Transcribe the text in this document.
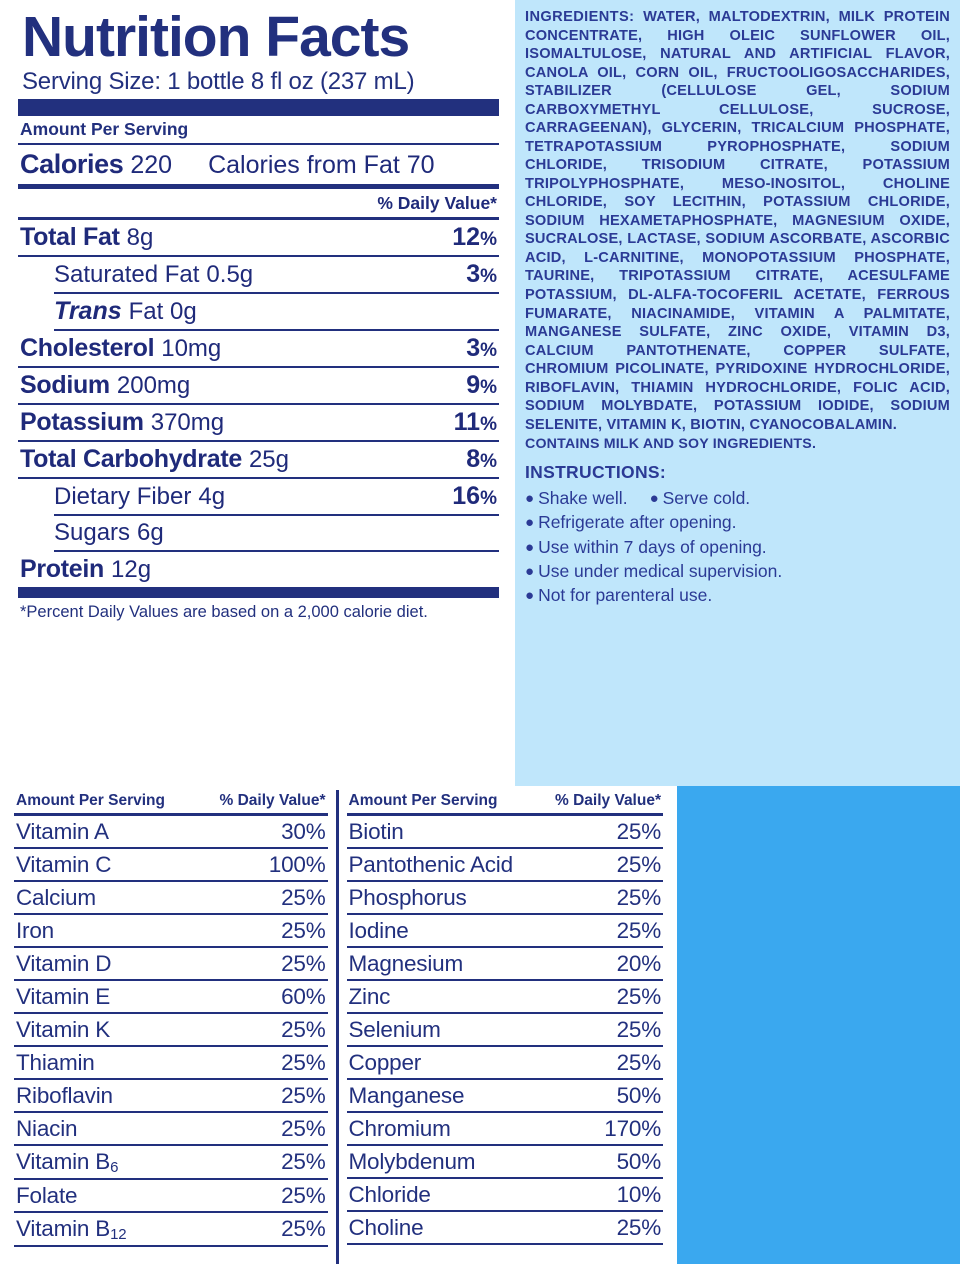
Nutrition Facts
Serving Size: 1 bottle 8 fl oz (237 mL)
Amount Per Serving
Calories 220 Calories from Fat 70
% Daily Value*
Total Fat 8g	12%
Saturated Fat 0.5g	3%
Trans Fat 0g
Cholesterol 10mg	3%
Sodium 200mg	9%
Potassium 370mg	11%
Total Carbohydrate 25g	8%
Dietary Fiber 4g	16%
Sugars 6g
Protein 12g
*Percent Daily Values are based on a 2,000 calorie diet.
INGREDIENTS: WATER, MALTODEXTRIN, MILK PROTEIN CONCENTRATE, HIGH OLEIC SUNFLOWER OIL, ISOMALTULOSE, NATURAL AND ARTIFICIAL FLAVOR, CANOLA OIL, CORN OIL, FRUCTOOLIGOSACCHARIDES, STABILIZER (CELLULOSE GEL, SODIUM CARBOXYMETHYL CELLULOSE, SUCROSE, CARRAGEENAN), GLYCERIN, TRICALCIUM PHOSPHATE, TETRAPOTASSIUM PYROPHOSPHATE, SODIUM CHLORIDE, TRISODIUM CITRATE, POTASSIUM TRIPOLYPHOSPHATE, MESO-INOSITOL, CHOLINE CHLORIDE, SOY LECITHIN, POTASSIUM CHLORIDE, SODIUM HEXAMETAPHOSPHATE, MAGNESIUM OXIDE, SUCRALOSE, LACTASE, SODIUM ASCORBATE, ASCORBIC ACID, L-CARNITINE, MONOPOTASSIUM PHOSPHATE, TAURINE, TRIPOTASSIUM CITRATE, ACESULFAME POTASSIUM, DL-ALFA-TOCOFERIL ACETATE, FERROUS FUMARATE, NIACINAMIDE, VITAMIN A PALMITATE, MANGANESE SULFATE, ZINC OXIDE, VITAMIN D3, CALCIUM PANTOTHENATE, COPPER SULFATE, CHROMIUM PICOLINATE, PYRIDOXINE HYDROCHLORIDE, RIBOFLAVIN, THIAMIN HYDROCHLORIDE, FOLIC ACID, SODIUM MOLYBDATE, POTASSIUM IODIDE, SODIUM SELENITE, VITAMIN K, BIOTIN, CYANOCOBALAMIN.
CONTAINS MILK AND SOY INGREDIENTS.
INSTRUCTIONS:
● Shake well. ● Serve cold.
● Refrigerate after opening.
● Use within 7 days of opening.
● Use under medical supervision.
● Not for parenteral use.
Amount Per Serving	% Daily Value*
Vitamin A	30%
Vitamin C	100%
Calcium	25%
Iron	25%
Vitamin D	25%
Vitamin E	60%
Vitamin K	25%
Thiamin	25%
Riboflavin	25%
Niacin	25%
Vitamin $B_6$	25%
Folate	25%
Vitamin $B_{12}$	25%
Amount Per Serving	% Daily Value*
Biotin	25%
Pantothenic Acid	25%
Phosphorus	25%
Iodine	25%
Magnesium	20%
Zinc	25%
Selenium	25%
Copper	25%
Manganese	50%
Chromium	170%
Molybdenum	50%
Chloride	10%
Choline	25%
